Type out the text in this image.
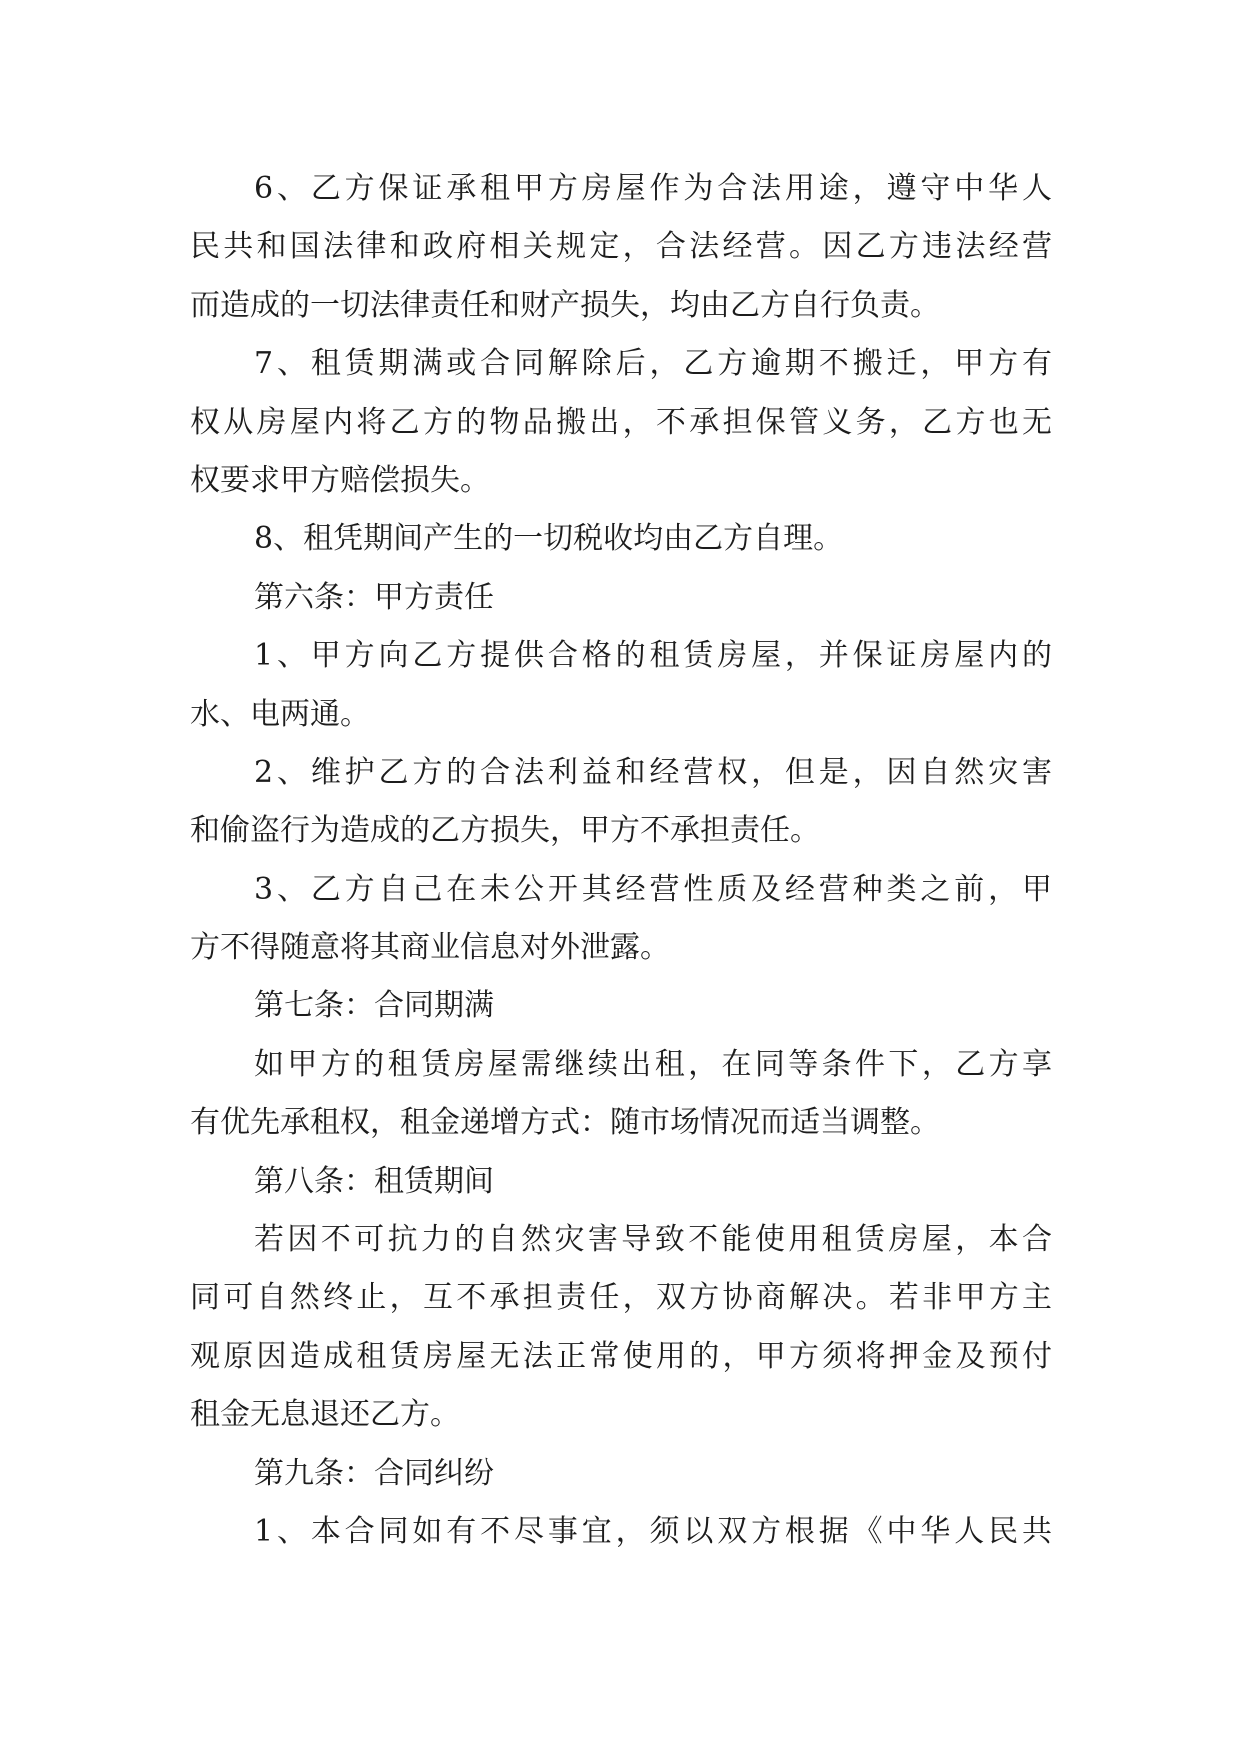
6、乙方保证承租甲方房屋作为合法用途，遵守中华人
民共和国法律和政府相关规定，合法经营。因乙方违法经营
而造成的一切法律责任和财产损失，均由乙方自行负责。
7、租赁期满或合同解除后，乙方逾期不搬迁，甲方有
权从房屋内将乙方的物品搬出，不承担保管义务，乙方也无
权要求甲方赔偿损失。
8、租凭期间产生的一切税收均由乙方自理。
第六条：甲方责任
1、甲方向乙方提供合格的租赁房屋，并保证房屋内的
水、电两通。
2、维护乙方的合法利益和经营权，但是，因自然灾害
和偷盗行为造成的乙方损失，甲方不承担责任。
3、乙方自己在未公开其经营性质及经营种类之前，甲
方不得随意将其商业信息对外泄露。
第七条：合同期满
如甲方的租赁房屋需继续出租，在同等条件下，乙方享
有优先承租权，租金递增方式：随市场情况而适当调整。
第八条：租赁期间
若因不可抗力的自然灾害导致不能使用租赁房屋，本合
同可自然终止，互不承担责任，双方协商解决。若非甲方主
观原因造成租赁房屋无法正常使用的，甲方须将押金及预付
租金无息退还乙方。
第九条：合同纠纷
1、本合同如有不尽事宜，须以双方根据《中华人民共
